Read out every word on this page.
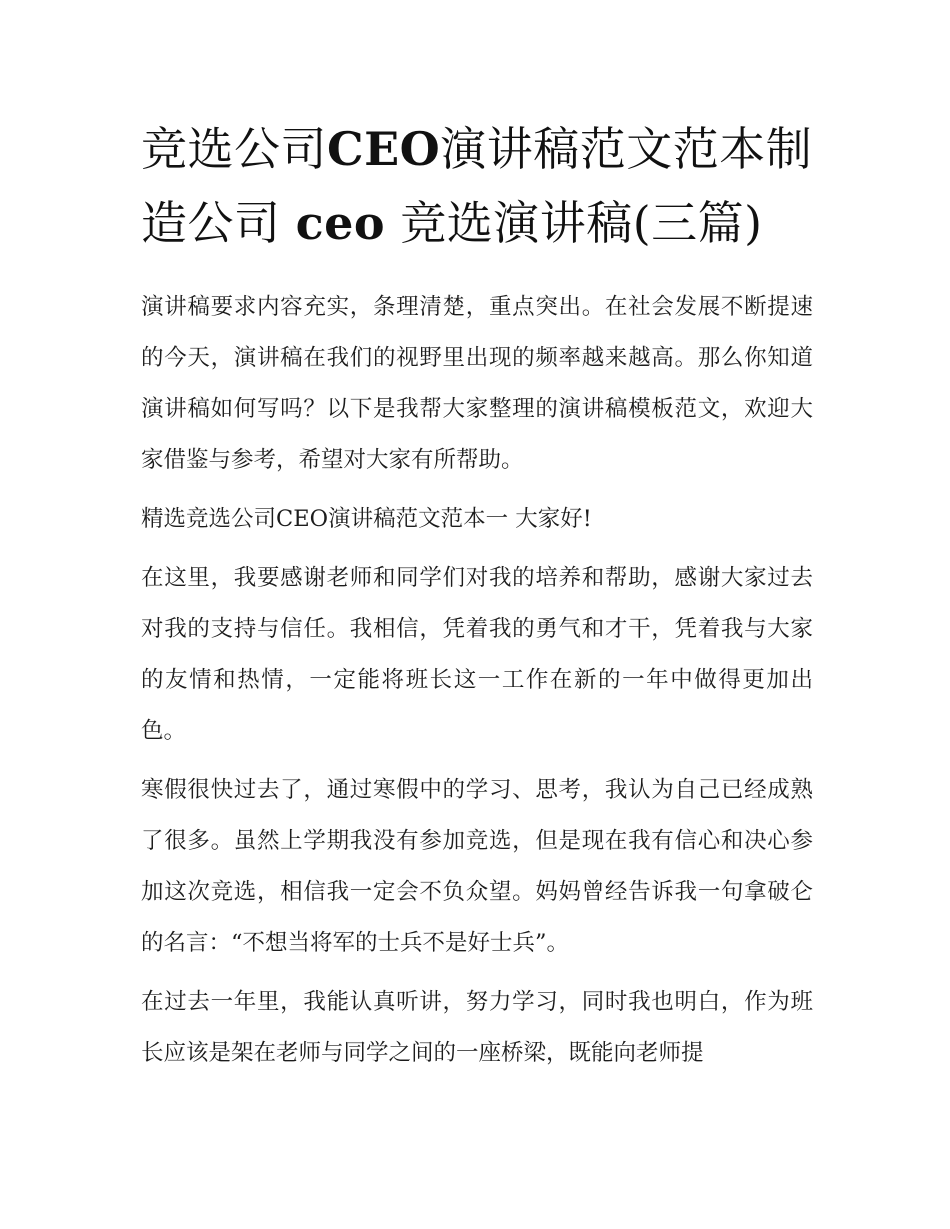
竞选公司CEO演讲稿范文范本制造公司 ceo 竞选演讲稿(三篇)

演讲稿要求内容充实，条理清楚，重点突出。在社会发展不断提速的今天，演讲稿在我们的视野里出现的频率越来越高。那么你知道演讲稿如何写吗？以下是我帮大家整理的演讲稿模板范文，欢迎大家借鉴与参考，希望对大家有所帮助。

精选竞选公司CEO演讲稿范文范本一 大家好!

在这里，我要感谢老师和同学们对我的培养和帮助，感谢大家过去对我的支持与信任。我相信，凭着我的勇气和才干，凭着我与大家的友情和热情，一定能将班长这一工作在新的一年中做得更加出色。

寒假很快过去了，通过寒假中的学习、思考，我认为自己已经成熟了很多。虽然上学期我没有参加竞选，但是现在我有信心和决心参加这次竞选，相信我一定会不负众望。妈妈曾经告诉我一句拿破仑的名言：“不想当将军的士兵不是好士兵”。

在过去一年里，我能认真听讲，努力学习，同时我也明白，作为班长应该是架在老师与同学之间的一座桥梁，既能向老师提
